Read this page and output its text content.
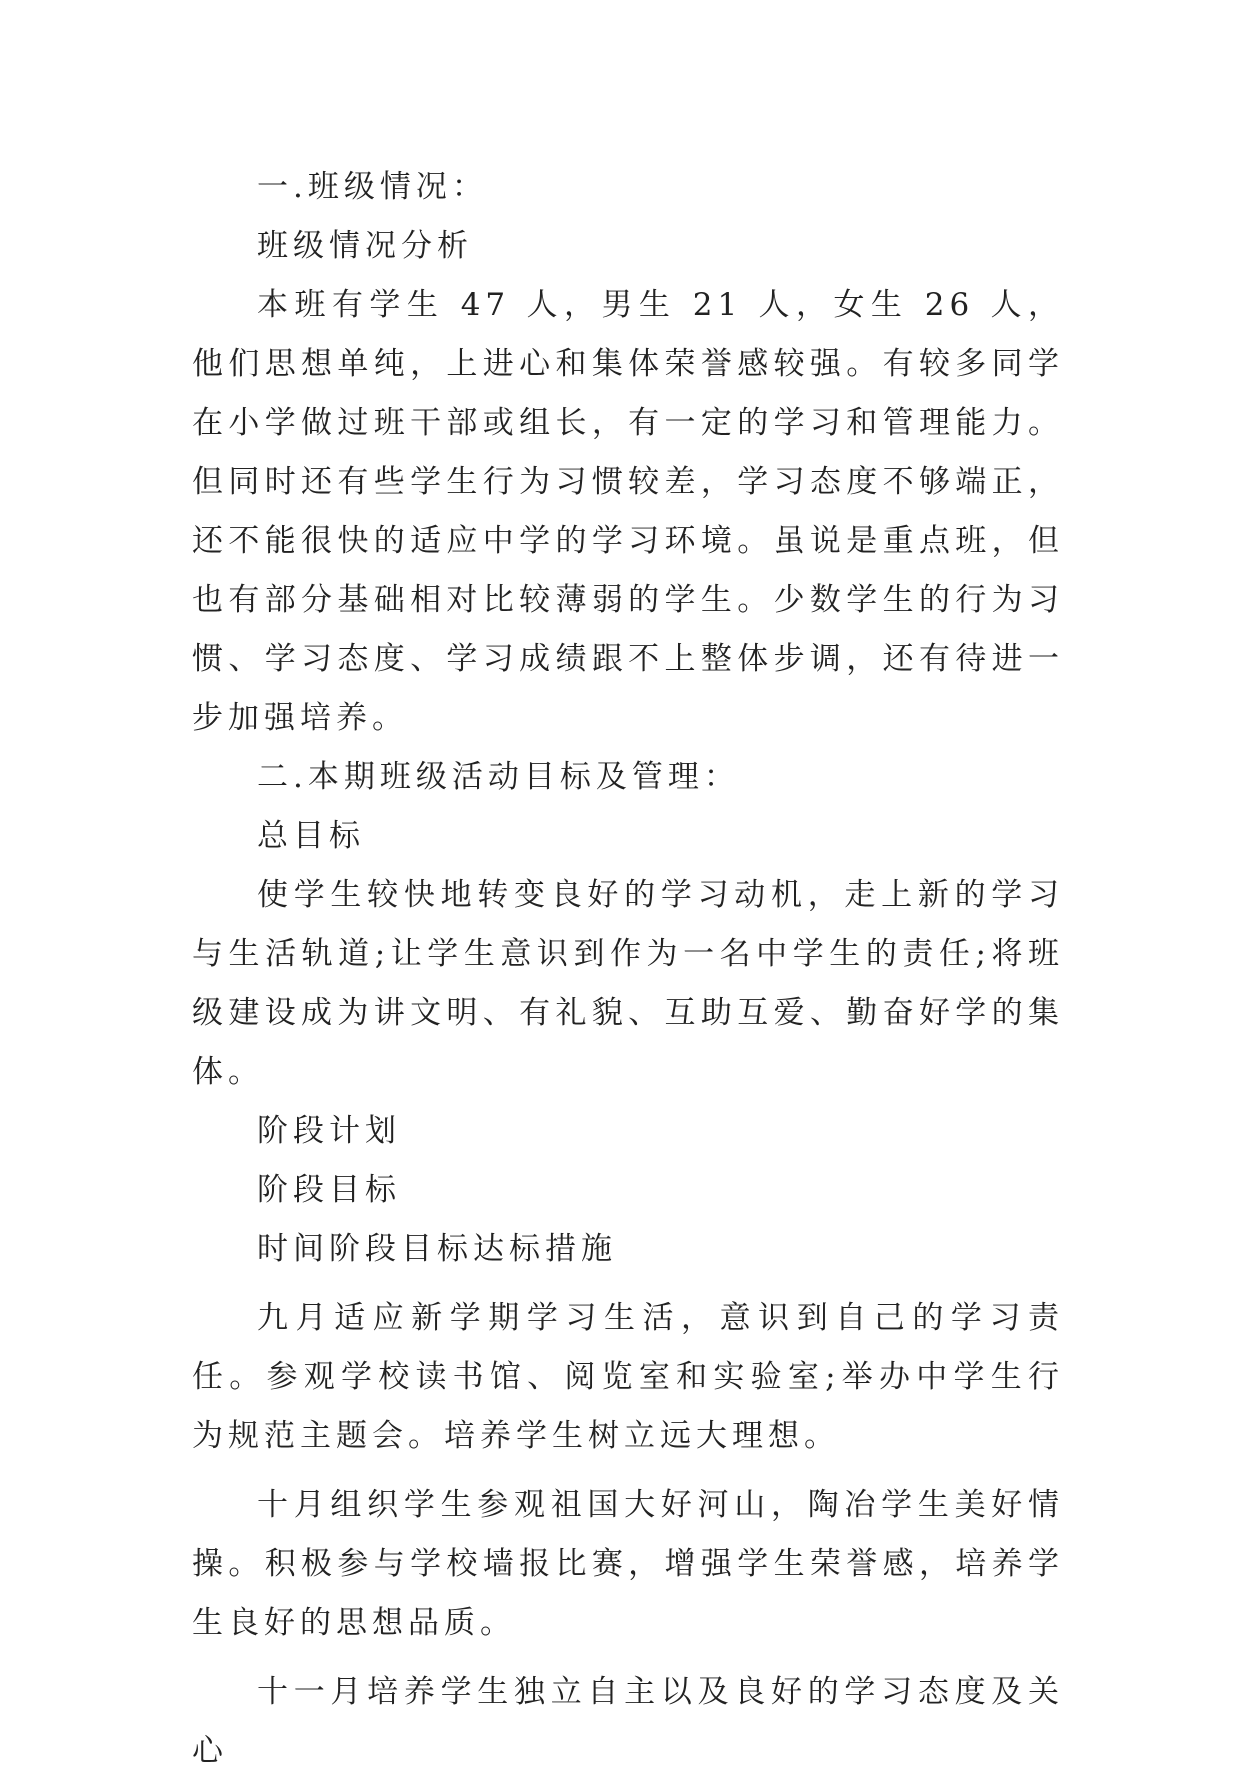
一.班级情况：

班级情况分析

本班有学生 47 人，男生 21 人，女生 26 人，他们思想单纯，上进心和集体荣誉感较强。有较多同学在小学做过班干部或组长，有一定的学习和管理能力。但同时还有些学生行为习惯较差，学习态度不够端正，还不能很快的适应中学的学习环境。虽说是重点班，但也有部分基础相对比较薄弱的学生。少数学生的行为习惯、学习态度、学习成绩跟不上整体步调，还有待进一步加强培养。

二.本期班级活动目标及管理：

总目标

使学生较快地转变良好的学习动机，走上新的学习与生活轨道;让学生意识到作为一名中学生的责任;将班级建设成为讲文明、有礼貌、互助互爱、勤奋好学的集体。

阶段计划

阶段目标

时间阶段目标达标措施

九月适应新学期学习生活，意识到自己的学习责任。参观学校读书馆、阅览室和实验室;举办中学生行为规范主题会。培养学生树立远大理想。

十月组织学生参观祖国大好河山，陶冶学生美好情操。积极参与学校墙报比赛，增强学生荣誉感，培养学生良好的思想品质。

十一月培养学生独立自主以及良好的学习态度及关心
